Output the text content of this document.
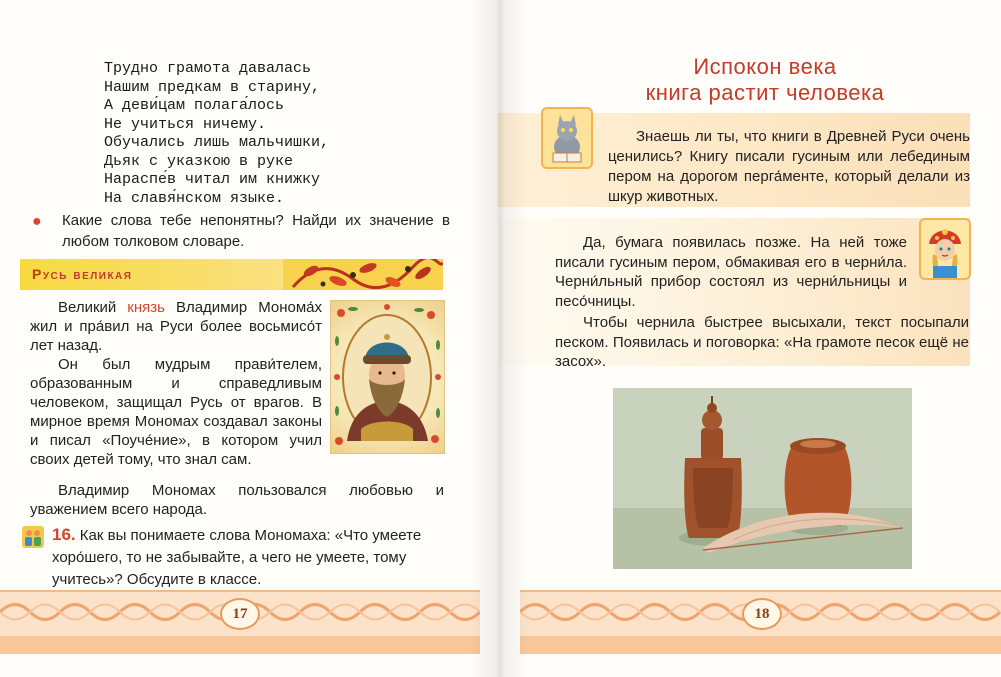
Трудно грамота давалась
Нашим предкам в старину,
А деви́цам полага́лось
Не учиться ничему.
Обучались лишь мальчишки,
Дьяк с указкою в руке
Нараспе́в читал им книжку
На славя́нском языке.
● Какие слова тебе непонятны? Найди их значение в любом толковом словаре.
Русь великая
Великий князь Владимир Монома́х жил и пра́вил на Руси более восьмисо́т лет назад.
Он был мудрым прави́телем, образованным и справедливым человеком, защищал Русь от врагов. В мирное время Мономах создавал законы и писал «Поуче́ние», в котором учил своих детей тому, что знал сам.
Владимир Мономах пользовался любовью и уважением всего народа.
16. Как вы понимаете слова Мономаха: «Что умеете хоро́шего, то не забывайте, а чего не умеете, тому учитесь»? Обсудите в классе.
Испокон века
книга растит человека
Знаешь ли ты, что книги в Древней Руси очень ценились? Книгу писали гусиным или лебединым пером на дорогом перга́менте, который делали из шкур животных.
Да, бумага появилась позже. На ней тоже писали гусиным пером, обмакивая его в черни́ла. Черни́льный прибор состоял из черни́льницы и песо́чницы.
Чтобы чернила быстрее высыхали, текст посыпали песком. Появилась и поговорка: «На грамоте песок ещё не засох».
17	18
